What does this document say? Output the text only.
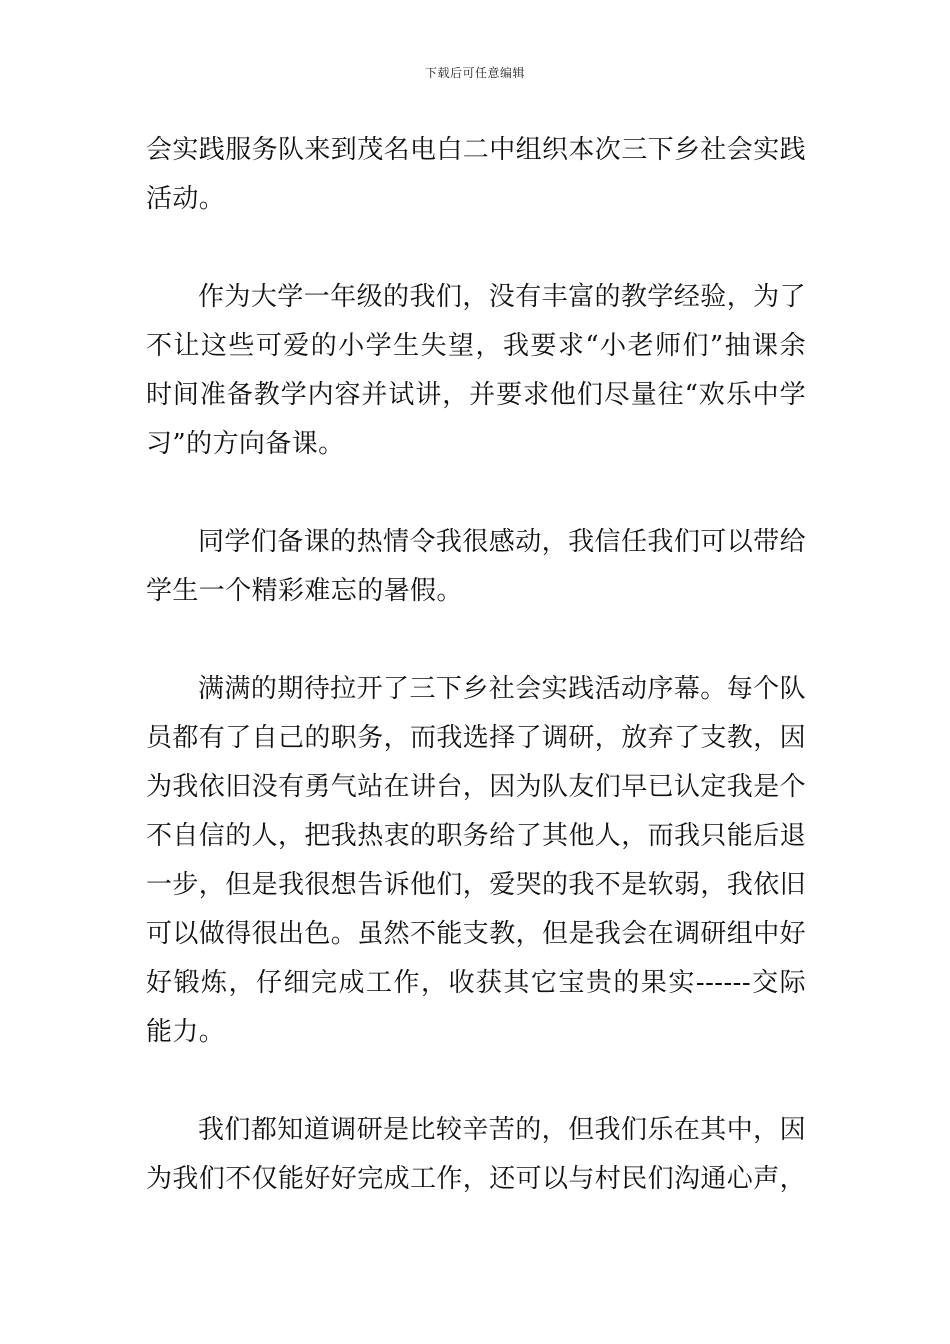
下载后可任意编辑

会实践服务队来到茂名电白二中组织本次三下乡社会实践活动。

作为大学一年级的我们，没有丰富的教学经验，为了不让这些可爱的小学生失望，我要求“小老师们”抽课余时间准备教学内容并试讲，并要求他们尽量往“欢乐中学习”的方向备课。

同学们备课的热情令我很感动，我信任我们可以带给学生一个精彩难忘的暑假。

满满的期待拉开了三下乡社会实践活动序幕。每个队员都有了自己的职务，而我选择了调研，放弃了支教，因为我依旧没有勇气站在讲台，因为队友们早已认定我是个不自信的人，把我热衷的职务给了其他人，而我只能后退一步，但是我很想告诉他们，爱哭的我不是软弱，我依旧可以做得很出色。虽然不能支教，但是我会在调研组中好好锻炼，仔细完成工作，收获其它宝贵的果实------交际能力。

我们都知道调研是比较辛苦的，但我们乐在其中，因为我们不仅能好好完成工作，还可以与村民们沟通心声，
